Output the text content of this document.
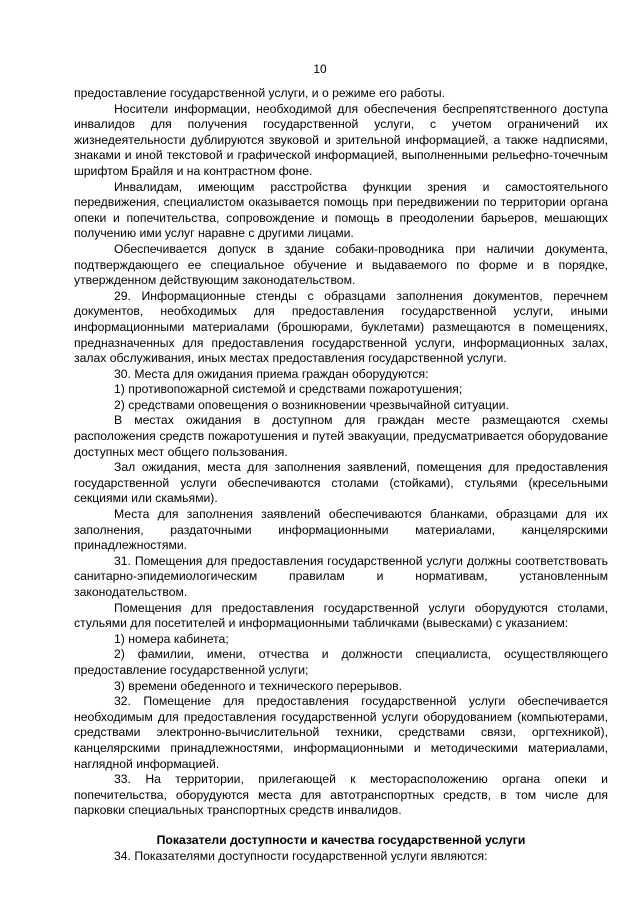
10

предоставление государственной услуги, и о режиме его работы.

Носители информации, необходимой для обеспечения беспрепятственного доступа инвалидов для получения государственной услуги, с учетом ограничений их жизнедеятельности дублируются звуковой и зрительной информацией, а также надписями, знаками и иной текстовой и графической информацией, выполненными рельефно-точечным шрифтом Брайля и на контрастном фоне.

Инвалидам, имеющим расстройства функции зрения и самостоятельного передвижения, специалистом оказывается помощь при передвижении по территории органа опеки и попечительства, сопровождение и помощь в преодолении барьеров, мешающих получению ими услуг наравне с другими лицами.

Обеспечивается допуск в здание собаки-проводника при наличии документа, подтверждающего ее специальное обучение и выдаваемого по форме и в порядке, утвержденном действующим законодательством.

29. Информационные стенды с образцами заполнения документов, перечнем документов, необходимых для предоставления государственной услуги, иными информационными материалами (брошюрами, буклетами) размещаются в помещениях, предназначенных для предоставления государственной услуги, информационных залах, залах обслуживания, иных местах предоставления государственной услуги.

30. Места для ожидания приема граждан оборудуются:

1) противопожарной системой и средствами пожаротушения;

2) средствами оповещения о возникновении чрезвычайной ситуации.

В местах ожидания в доступном для граждан месте размещаются схемы расположения средств пожаротушения и путей эвакуации, предусматривается оборудование доступных мест общего пользования.

Зал ожидания, места для заполнения заявлений, помещения для предоставления государственной услуги обеспечиваются столами (стойками), стульями (кресельными секциями или скамьями).

Места для заполнения заявлений обеспечиваются бланками, образцами для их заполнения, раздаточными информационными материалами, канцелярскими принадлежностями.

31. Помещения для предоставления государственной услуги должны соответствовать санитарно-эпидемиологическим правилам и нормативам, установленным законодательством.

Помещения для предоставления государственной услуги оборудуются столами, стульями для посетителей и информационными табличками (вывесками) с указанием:

1) номера кабинета;

2) фамилии, имени, отчества и должности специалиста, осуществляющего предоставление государственной услуги;

3) времени обеденного и технического перерывов.

32. Помещение для предоставления государственной услуги обеспечивается необходимым для предоставления государственной услуги оборудованием (компьютерами, средствами электронно-вычислительной техники, средствами связи, оргтехникой), канцелярскими принадлежностями, информационными и методическими материалами, наглядной информацией.

33. На территории, прилегающей к месторасположению органа опеки и попечительства, оборудуются места для автотранспортных средств, в том числе для парковки специальных транспортных средств инвалидов.

Показатели доступности и качества государственной услуги

34. Показателями доступности государственной услуги являются:
